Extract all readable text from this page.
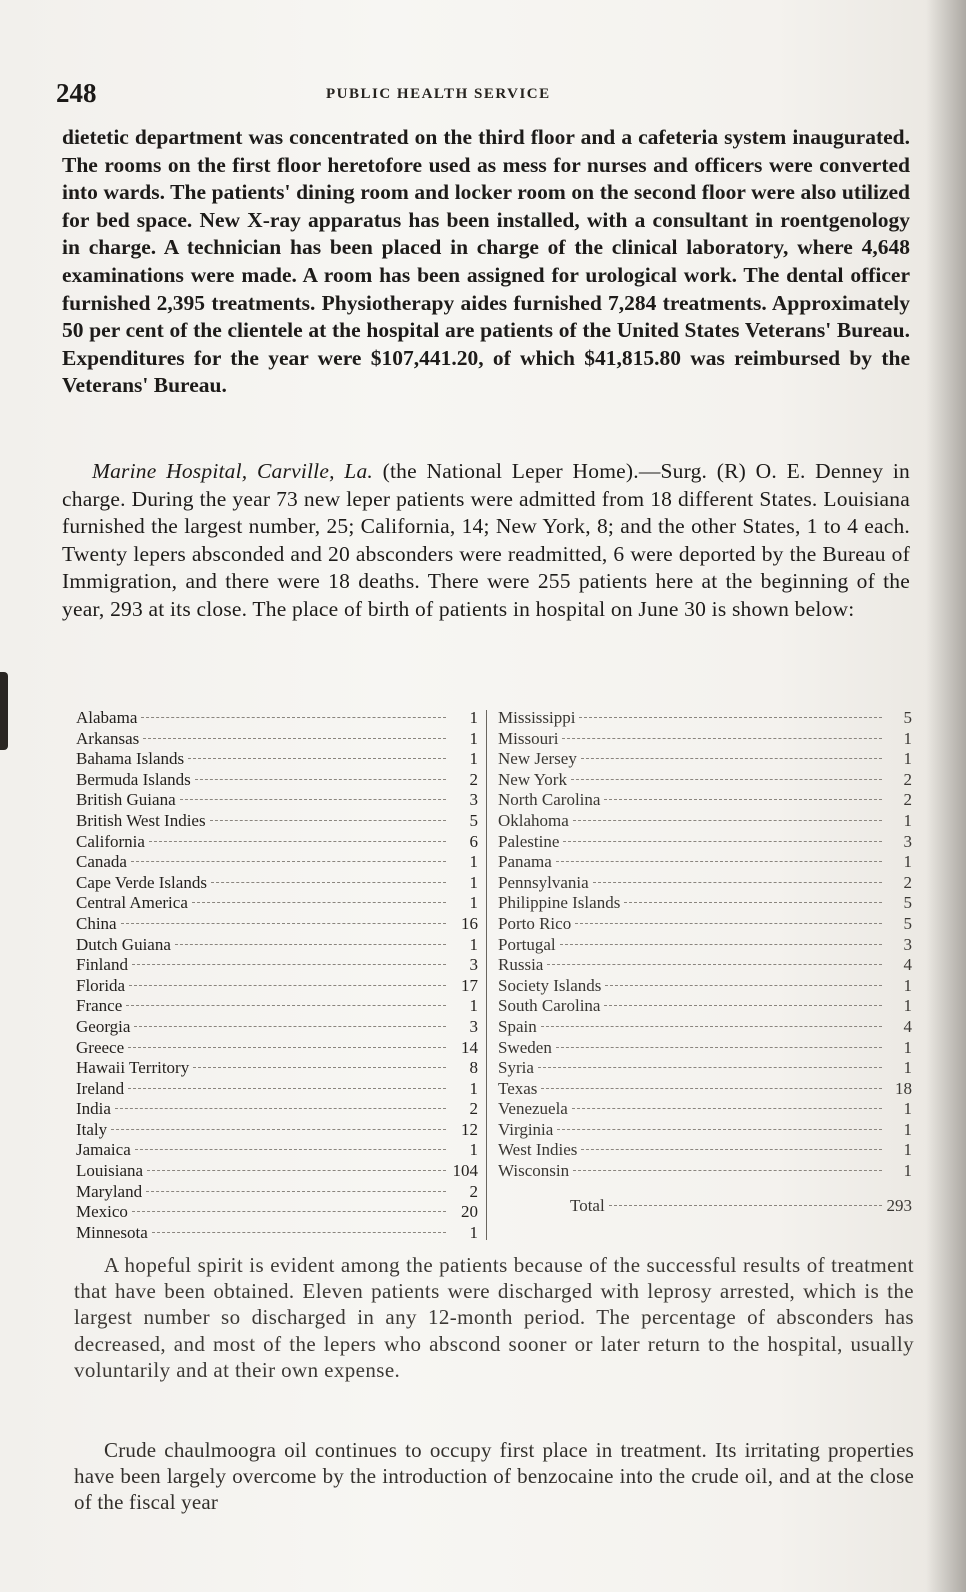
248	PUBLIC HEALTH SERVICE

dietetic department was concentrated on the third floor and a cafeteria system inaugurated. The rooms on the first floor heretofore used as mess for nurses and officers were converted into wards. The patients' dining room and locker room on the second floor were also utilized for bed space. New X-ray apparatus has been installed, with a consultant in roentgenology in charge. A technician has been placed in charge of the clinical laboratory, where 4,648 examinations were made. A room has been assigned for urological work. The dental officer furnished 2,395 treatments. Physiotherapy aides furnished 7,284 treatments. Approximately 50 per cent of the clientele at the hospital are patients of the United States Veterans' Bureau. Expenditures for the year were $107,441.20, of which $41,815.80 was reimbursed by the Veterans' Bureau.

Marine Hospital, Carville, La. (the National Leper Home).—Surg. (R) O. E. Denney in charge. During the year 73 new leper patients were admitted from 18 different States. Louisiana furnished the largest number, 25; California, 14; New York, 8; and the other States, 1 to 4 each. Twenty lepers absconded and 20 absconders were readmitted, 6 were deported by the Bureau of Immigration, and there were 18 deaths. There were 255 patients here at the beginning of the year, 293 at its close. The place of birth of patients in hospital on June 30 is shown below:

Alabama	1
Arkansas	1
Bahama Islands	1
Bermuda Islands	2
British Guiana	3
British West Indies	5
California	6
Canada	1
Cape Verde Islands	1
Central America	1
China	16
Dutch Guiana	1
Finland	3
Florida	17
France	1
Georgia	3
Greece	14
Hawaii Territory	8
Ireland	1
India	2
Italy	12
Jamaica	1
Louisiana	104
Maryland	2
Mexico	20
Minnesota	1
Mississippi	5
Missouri	1
New Jersey	1
New York	2
North Carolina	2
Oklahoma	1
Palestine	3
Panama	1
Pennsylvania	2
Philippine Islands	5
Porto Rico	5
Portugal	3
Russia	4
Society Islands	1
South Carolina	1
Spain	4
Sweden	1
Syria	1
Texas	18
Venezuela	1
Virginia	1
West Indies	1
Wisconsin	1
Total	293

A hopeful spirit is evident among the patients because of the successful results of treatment that have been obtained. Eleven patients were discharged with leprosy arrested, which is the largest number so discharged in any 12-month period. The percentage of absconders has decreased, and most of the lepers who abscond sooner or later return to the hospital, usually voluntarily and at their own expense.

Crude chaulmoogra oil continues to occupy first place in treatment. Its irritating properties have been largely overcome by the introduction of benzocaine into the crude oil, and at the close of the fiscal year
